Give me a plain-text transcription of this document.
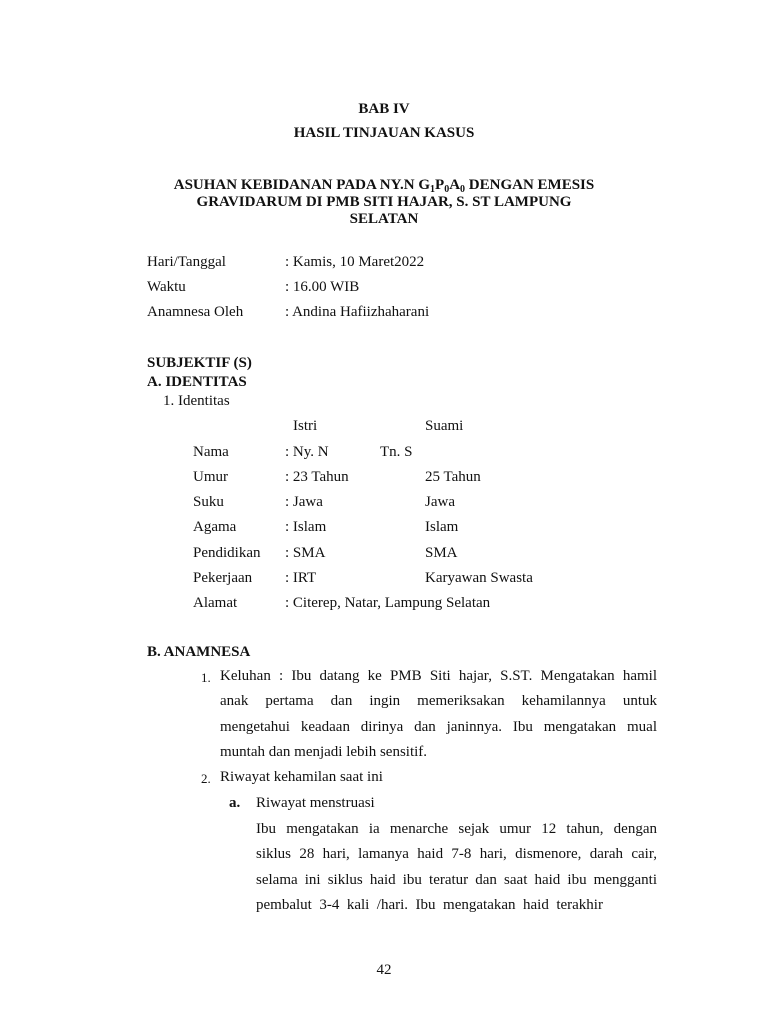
BAB IV
HASIL TINJAUAN KASUS
ASUHAN KEBIDANAN PADA NY.N $G_1P_0A_0$ DENGAN EMESIS
GRAVIDARUM DI PMB SITI HAJAR, S. ST LAMPUNG
SELATAN
Hari/Tanggal	: Kamis, 10 Maret2022
Waktu	: 16.00 WIB
Anamnesa Oleh	: Andina Hafiizhaharani
SUBJEKTIF (S)
A. IDENTITAS
1. Identitas
Istri	Suami
Nama	: Ny. N	Tn. S
Umur	: 23 Tahun	25 Tahun
Suku	: Jawa	Jawa
Agama	: Islam	Islam
Pendidikan : SMA	SMA
Pekerjaan : IRT	Karyawan Swasta
Alamat	: Citerep, Natar, Lampung Selatan
B. ANAMNESA
1. Keluhan : Ibu datang ke PMB Siti hajar, S.ST. Mengatakan hamil
anak pertama dan ingin memeriksakan kehamilannya untuk
mengetahui keadaan dirinya dan janinnya. Ibu mengatakan mual
muntah dan menjadi lebih sensitif.
2. Riwayat kehamilan saat ini
a. Riwayat menstruasi
Ibu mengatakan ia menarche sejak umur 12 tahun, dengan
siklus 28 hari, lamanya haid 7-8 hari, dismenore, darah cair,
selama ini siklus haid ibu teratur dan saat haid ibu mengganti
pembalut  3-4  kali  /hari.  Ibu  mengatakan  haid  terakhir
42
